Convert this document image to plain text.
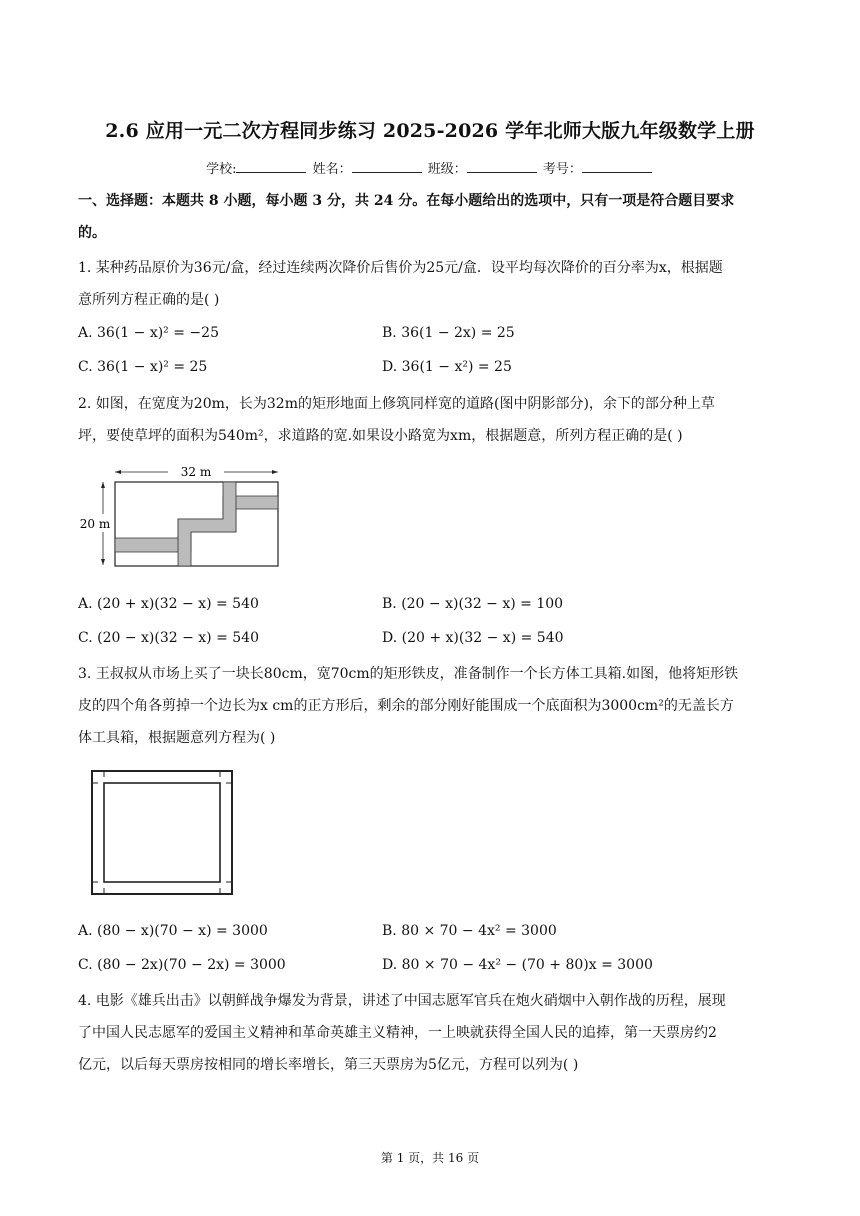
2.6 应用一元二次方程同步练习 2025-2026 学年北师大版九年级数学上册
学校:	姓名：	班级：	考号：
一、选择题：本题共 8 小题，每小题 3 分，共 24 分。在每小题给出的选项中，只有一项是符合题目要求
的。
1. 某种药品原价为36元/盒，经过连续两次降价后售价为25元/盒．设平均每次降价的百分率为x，根据题
意所列方程正确的是( )
A. 36(1 − x)² = −25	B. 36(1 − 2x) = 25
C. 36(1 − x)² = 25	D. 36(1 − x²) = 25
2. 如图，在宽度为20m，长为32m的矩形地面上修筑同样宽的道路(图中阴影部分)，余下的部分种上草
坪，要使草坪的面积为540m²，求道路的宽.如果设小路宽为xm，根据题意，所列方程正确的是( )
32 m
20 m
A. (20 + x)(32 − x) = 540	B. (20 − x)(32 − x) = 100
C. (20 − x)(32 − x) = 540	D. (20 + x)(32 − x) = 540
3. 王叔叔从市场上买了一块长80cm，宽70cm的矩形铁皮，准备制作一个长方体工具箱.如图，他将矩形铁
皮的四个角各剪掉一个边长为x cm的正方形后，剩余的部分刚好能围成一个底面积为3000cm²的无盖长方
体工具箱，根据题意列方程为( )
A. (80 − x)(70 − x) = 3000	B. 80 × 70 − 4x² = 3000
C. (80 − 2x)(70 − 2x) = 3000	D. 80 × 70 − 4x² − (70 + 80)x = 3000
4. 电影《雄兵出击》以朝鲜战争爆发为背景，讲述了中国志愿军官兵在炮火硝烟中入朝作战的历程，展现
了中国人民志愿军的爱国主义精神和革命英雄主义精神，一上映就获得全国人民的追捧，第一天票房约2
亿元，以后每天票房按相同的增长率增长，第三天票房为5亿元，方程可以列为( )
第 1 页，共 16 页
